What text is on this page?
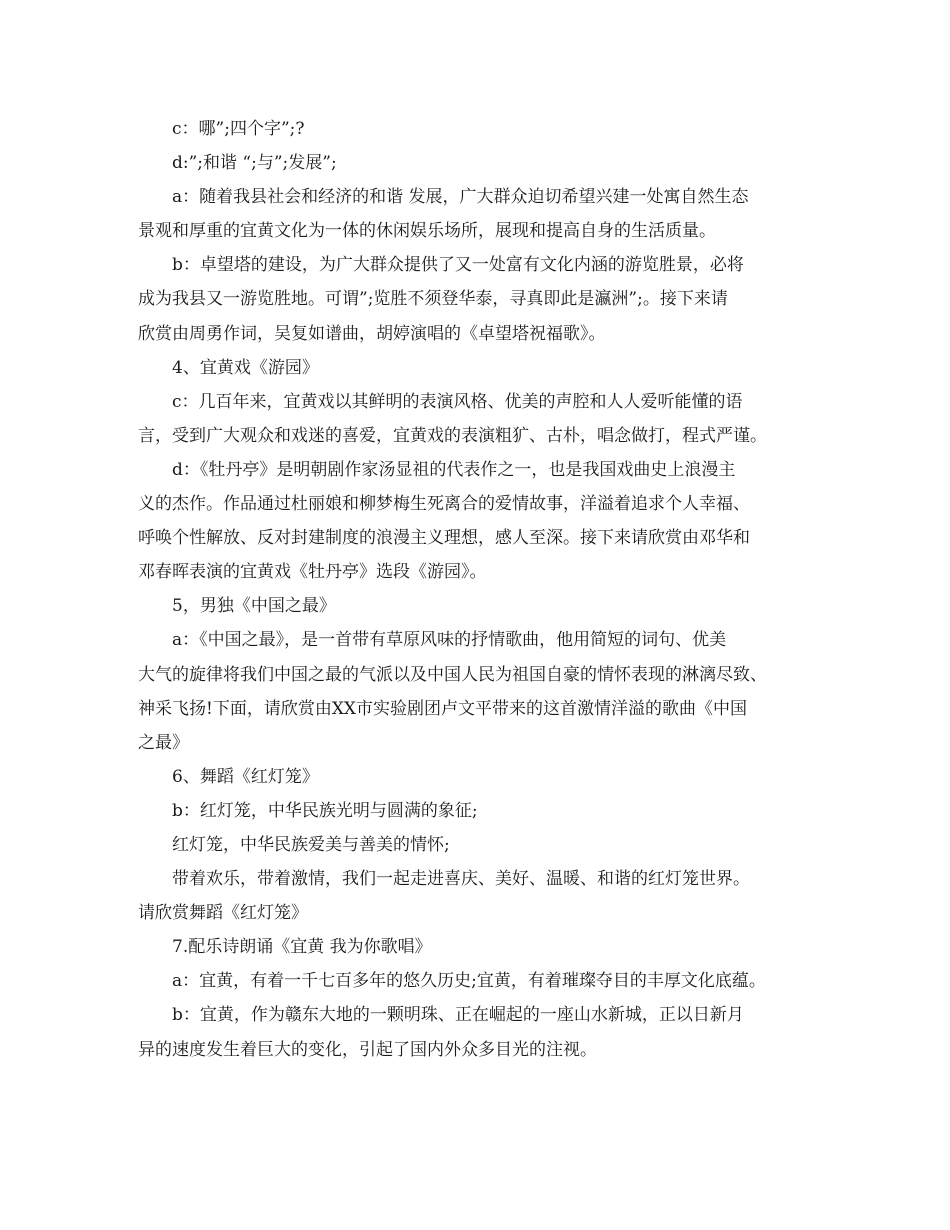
c：哪”;四个字”;?
d:”;和谐 “;与”;发展”;
a：随着我县社会和经济的和谐 发展，广大群众迫切希望兴建一处寓自然生态
景观和厚重的宜黄文化为一体的休闲娱乐场所，展现和提高自身的生活质量。
b：卓望塔的建设，为广大群众提供了又一处富有文化内涵的游览胜景，必将
成为我县又一游览胜地。可谓”;览胜不须登华泰，寻真即此是瀛洲”;。接下来请
欣赏由周勇作词，吴复如谱曲，胡婷演唱的《卓望塔祝福歌》。
4、宜黄戏《游园》
c：几百年来，宜黄戏以其鲜明的表演风格、优美的声腔和人人爱听能懂的语
言，受到广大观众和戏迷的喜爱，宜黄戏的表演粗犷、古朴，唱念做打，程式严谨。
d：《牡丹亭》是明朝剧作家汤显祖的代表作之一，也是我国戏曲史上浪漫主
义的杰作。作品通过杜丽娘和柳梦梅生死离合的爱情故事，洋溢着追求个人幸福、
呼唤个性解放、反对封建制度的浪漫主义理想，感人至深。接下来请欣赏由邓华和
邓春晖表演的宜黄戏《牡丹亭》选段《游园》。
5，男独《中国之最》
a：《中国之最》，是一首带有草原风味的抒情歌曲，他用简短的词句、优美
大气的旋律将我们中国之最的气派以及中国人民为祖国自豪的情怀表现的淋漓尽致、
神采飞扬!下面，请欣赏由XX市实验剧团卢文平带来的这首激情洋溢的歌曲《中国
之最》
6、舞蹈《红灯笼》
b：红灯笼，中华民族光明与圆满的象征;
红灯笼，中华民族爱美与善美的情怀;
带着欢乐，带着激情，我们一起走进喜庆、美好、温暖、和谐的红灯笼世界。
请欣赏舞蹈《红灯笼》
7.配乐诗朗诵《宜黄 我为你歌唱》
a：宜黄，有着一千七百多年的悠久历史;宜黄，有着璀璨夺目的丰厚文化底蕴。
b：宜黄，作为赣东大地的一颗明珠、正在崛起的一座山水新城，正以日新月
异的速度发生着巨大的变化，引起了国内外众多目光的注视。
